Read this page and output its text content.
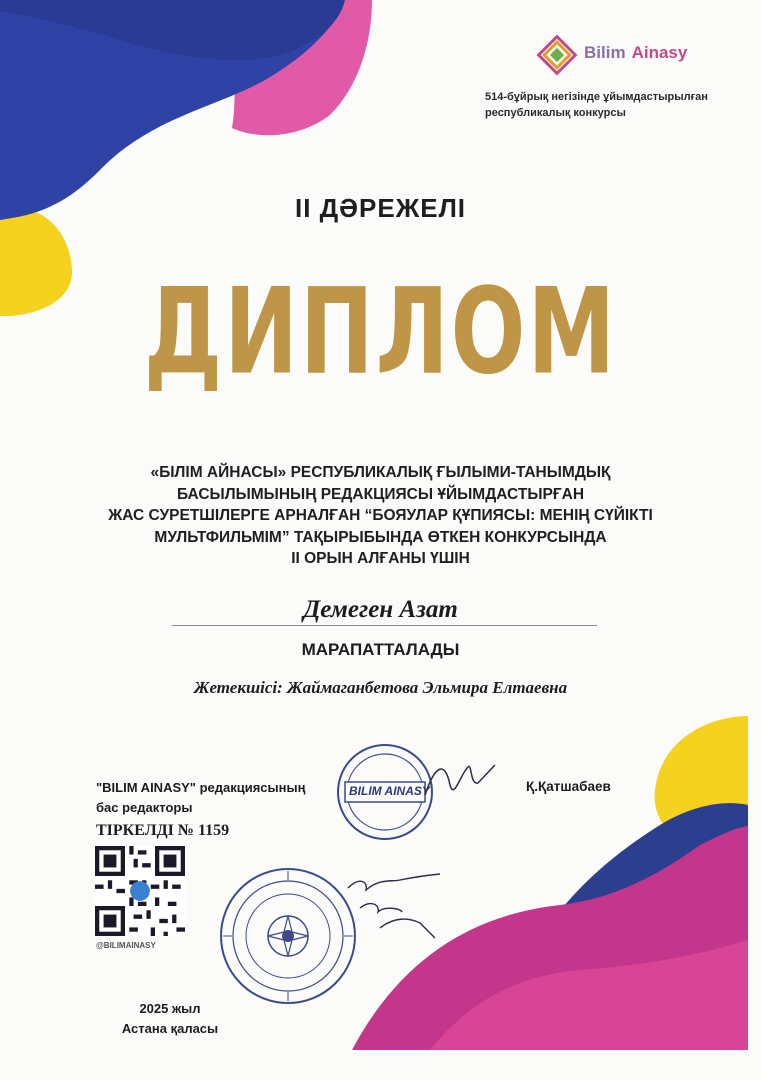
Bilim Ainasy
514-бұйрық негізінде ұйымдастырылған республикалық конкурсы
II ДӘРЕЖЕЛІ
ДИПЛОМ
«БІЛІМ АЙНАСЫ» РЕСПУБЛИКАЛЫҚ ҒЫЛЫМИ-ТАНЫМДЫҚ
БАСЫЛЫМЫНЫҢ РЕДАКЦИЯСЫ ҰЙЫМДАСТЫРҒАН
ЖАС СУРЕТШІЛЕРГЕ АРНАЛҒАН “БОЯУЛАР ҚҰПИЯСЫ: МЕНІҢ СҮЙІКТІ
МУЛЬТФИЛЬМІМ” ТАҚЫРЫБЫНДА ӨТКЕН КОНКУРСЫНДА
II ОРЫН АЛҒАНЫ ҮШІН
Демеген Азат
МАРАПАТТАЛАДЫ
Жетекшісі: Жаймаганбетова Эльмира Елтаевна
"BILIM AINASY" редакциясының
бас редакторы
ТІРКЕЛДІ № 1159
Қ.Қатшабаев
BILIM AINASY
@BILIMAINASY
2025 жыл
Астана қаласы
